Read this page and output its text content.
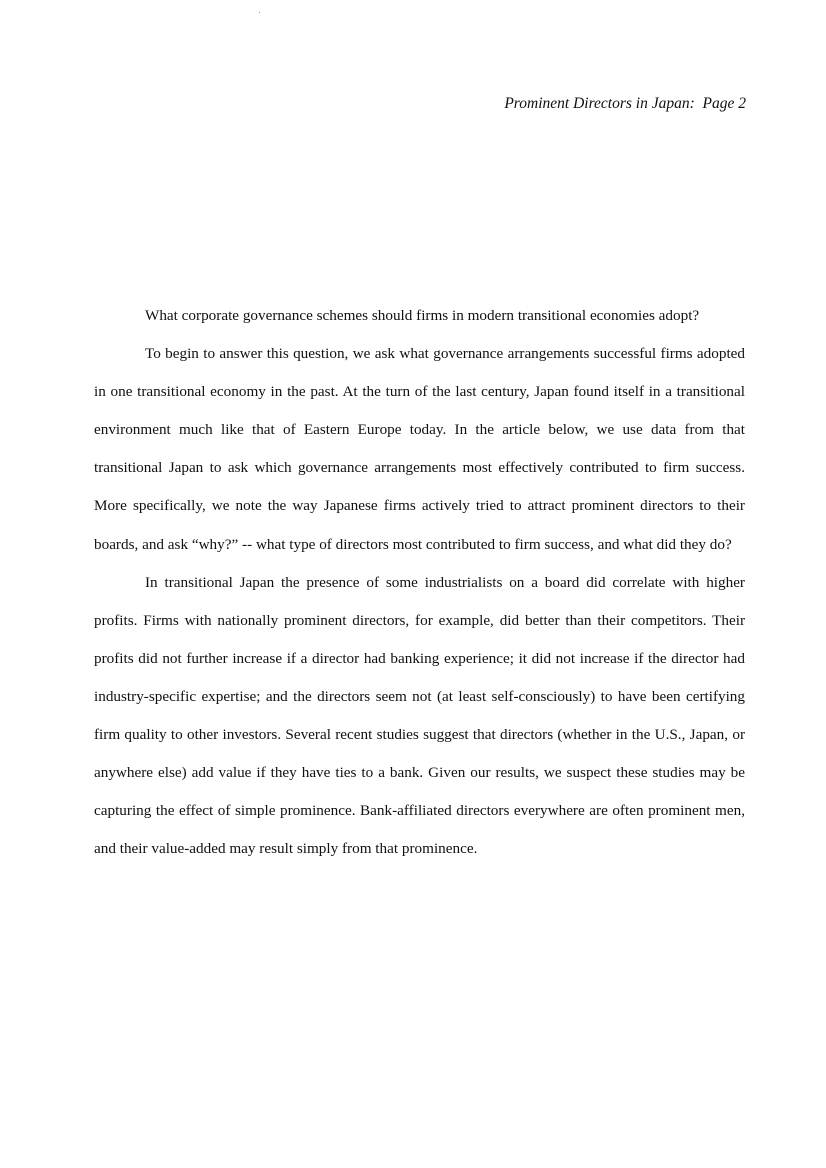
Prominent Directors in Japan: Page 2

What corporate governance schemes should firms in modern transitional economies adopt?

To begin to answer this question, we ask what governance arrangements successful firms adopted in one transitional economy in the past. At the turn of the last century, Japan found itself in a transitional environment much like that of Eastern Europe today. In the article below, we use data from that transitional Japan to ask which governance arrangements most effectively contributed to firm success. More specifically, we note the way Japanese firms actively tried to attract prominent directors to their boards, and ask “why?” -- what type of directors most contributed to firm success, and what did they do?

In transitional Japan the presence of some industrialists on a board did correlate with higher profits. Firms with nationally prominent directors, for example, did better than their competitors. Their profits did not further increase if a director had banking experience; it did not increase if the director had industry-specific expertise; and the directors seem not (at least self-consciously) to have been certifying firm quality to other investors. Several recent studies suggest that directors (whether in the U.S., Japan, or anywhere else) add value if they have ties to a bank. Given our results, we suspect these studies may be capturing the effect of simple prominence. Bank-affiliated directors everywhere are often prominent men, and their value-added may result simply from that prominence.
